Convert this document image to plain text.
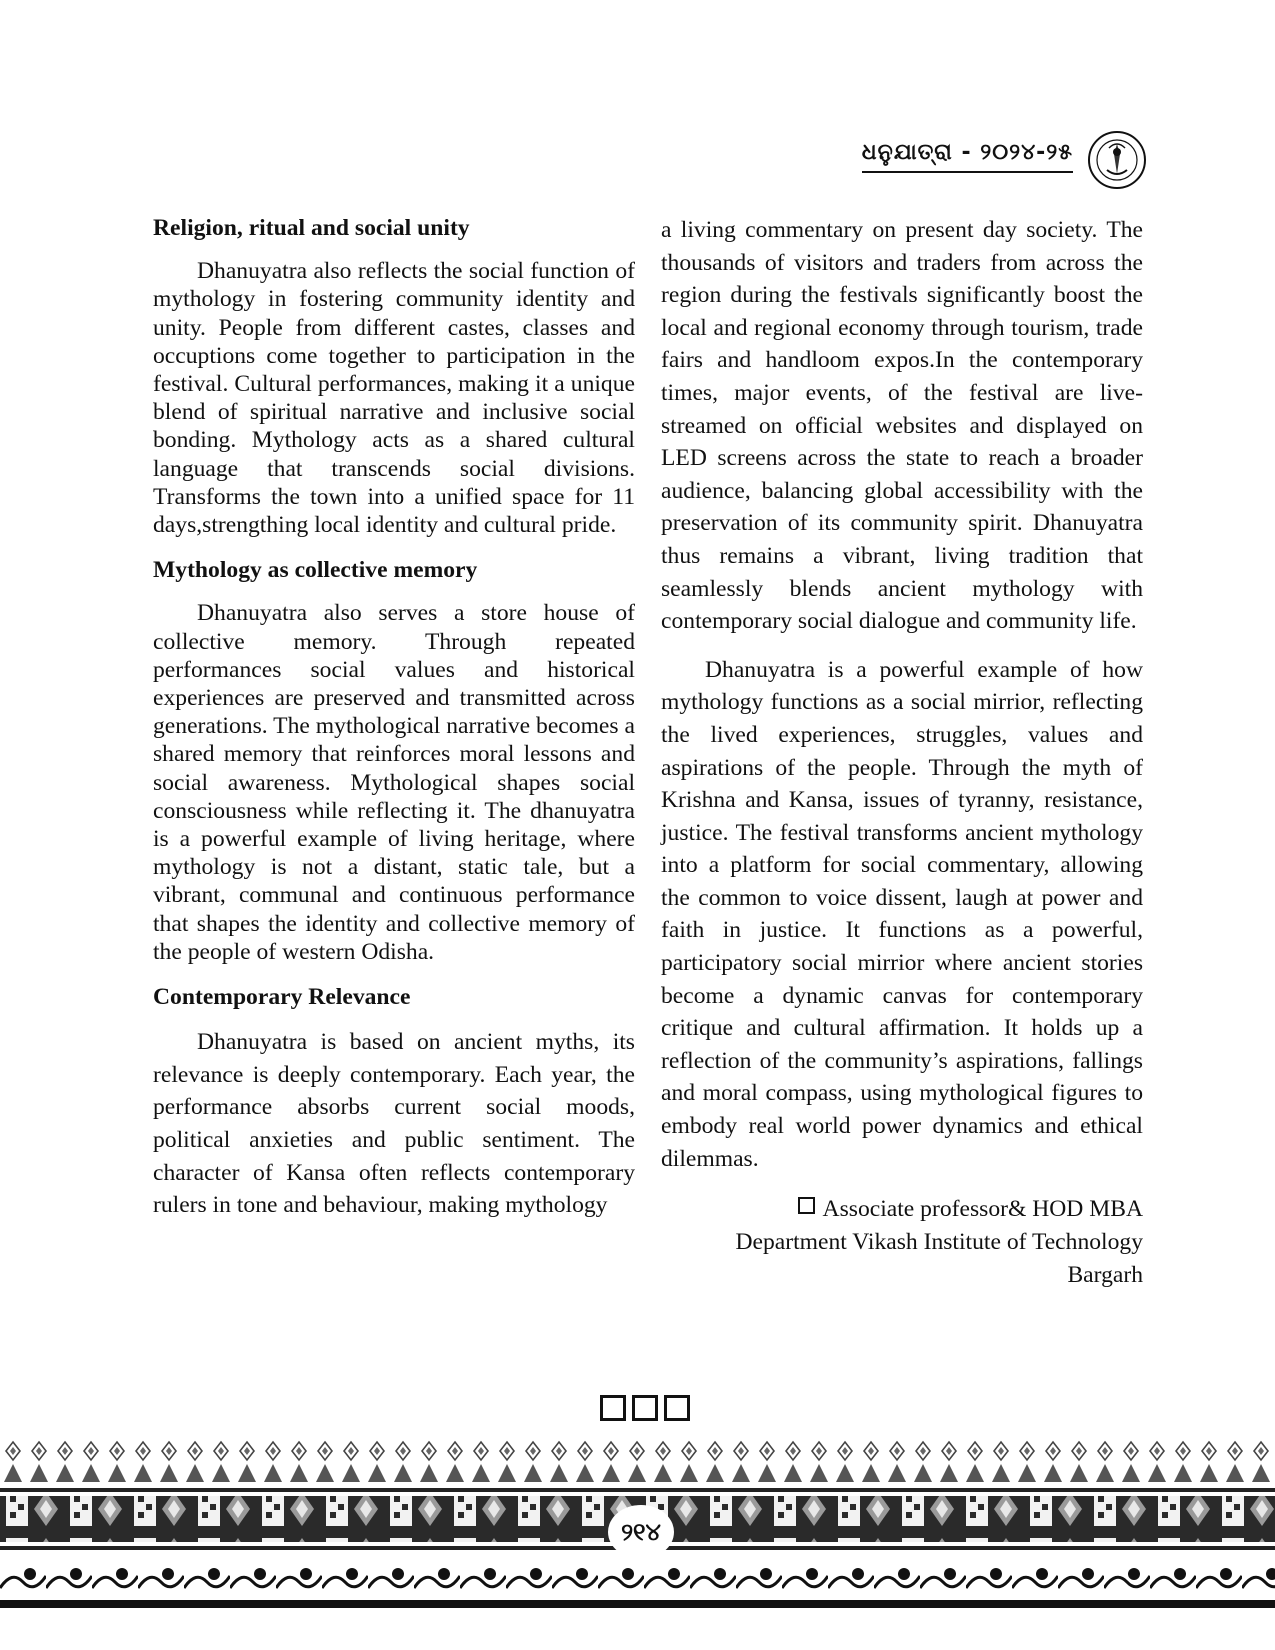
ଧନୁଯାତ୍ରା - ୨୦୨୪-୨୫
Religion, ritual and social unity

Dhanuyatra also reflects the social function of mythology in fostering community identity and unity. People from different castes, classes and occuptions come together to participation in the festival. Cultural performances, making it a unique blend of spiritual narrative and inclusive social bonding. Mythology acts as a shared cultural language that transcends social divisions. Transforms the town into a unified space for 11 days,strengthing local identity and cultural pride.

Mythology as collective memory

Dhanuyatra also serves a store house of collective memory. Through repeated performances social values and historical experiences are preserved and transmitted across generations. The mythological narrative becomes a shared memory that reinforces moral lessons and social awareness. Mythological shapes social consciousness while reflecting it. The dhanuyatra is a powerful example of living heritage, where mythology is not a distant, static tale, but a vibrant, communal and continuous performance that shapes the identity and collective memory of the people of western Odisha.

Contemporary Relevance

Dhanuyatra is based on ancient myths, its relevance is deeply contemporary. Each year, the performance absorbs current social moods, political anxieties and public sentiment. The character of Kansa often reflects contemporary rulers in tone and behaviour, making mythology

a living commentary on present day society. The thousands of visitors and traders from across the region during the festivals significantly boost the local and regional economy through tourism, trade fairs and handloom expos.In the contemporary times, major events, of the festival are live-streamed on official websites and displayed on LED screens across the state to reach a broader audience, balancing global accessibility with the preservation of its community spirit. Dhanuyatra thus remains a vibrant, living tradition that seamlessly blends ancient mythology with contemporary social dialogue and community life.

Dhanuyatra is a powerful example of how mythology functions as a social mirrior, reflecting the lived experiences, struggles, values and aspirations of the people. Through the myth of Krishna and Kansa, issues of tyranny, resistance, justice. The festival transforms ancient mythology into a platform for social commentary, allowing the common to voice dissent, laugh at power and faith in justice. It functions as a powerful, participatory social mirrior where ancient stories become a dynamic canvas for contemporary critique and cultural affirmation. It holds up a reflection of the community’s aspirations, fallings and moral compass, using mythological figures to embody real world power dynamics and ethical dilemmas.

Associate professor& HOD MBA
Department Vikash Institute of Technology
Bargarh
୨୧୪
